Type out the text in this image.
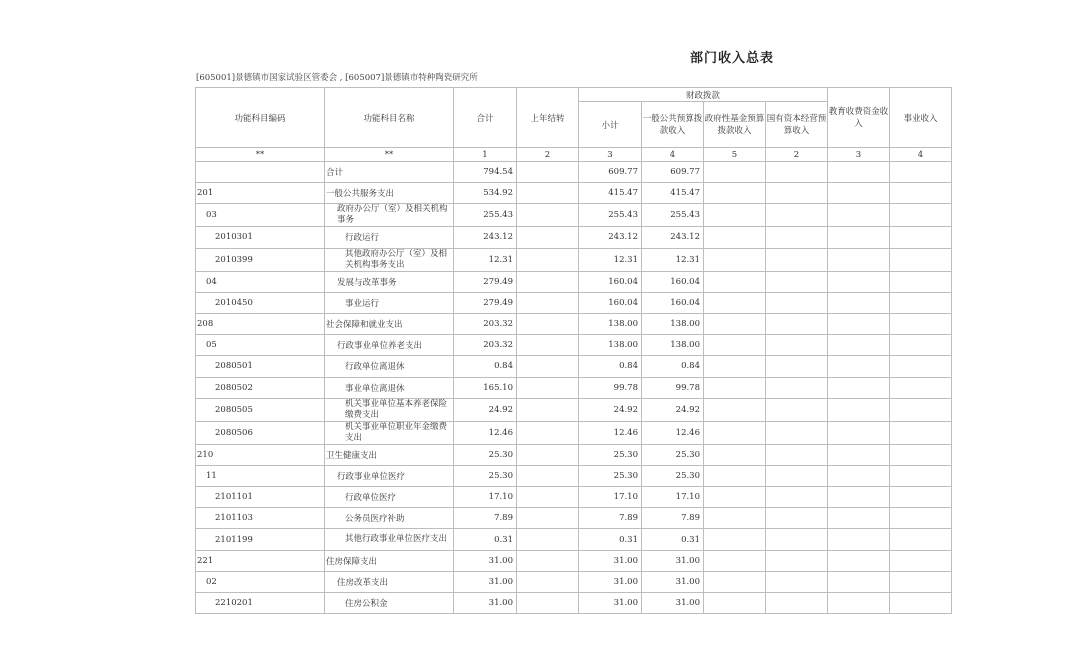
部门收入总表
[605001]景德镇市国家试验区管委会 , [605007]景德镇市特种陶瓷研究所
功能科目编码	功能科目名称	合计	上年结转	财政拨款				教育收费资金收入	事业收入
				小计	一般公共预算拨款收入	政府性基金预算拨款收入	国有资本经营预算收入		
**	**	1	2	3	4	5	2	3	4
	合计	794.54		609.77	609.77				
201	一般公共服务支出	534.92		415.47	415.47				
03	政府办公厅（室）及相关机构事务	255.43		255.43	255.43				
2010301	行政运行	243.12		243.12	243.12				
2010399	其他政府办公厅（室）及相关机构事务支出	12.31		12.31	12.31				
04	发展与改革事务	279.49		160.04	160.04				
2010450	事业运行	279.49		160.04	160.04				
208	社会保障和就业支出	203.32		138.00	138.00				
05	行政事业单位养老支出	203.32		138.00	138.00				
2080501	行政单位离退休	0.84		0.84	0.84				
2080502	事业单位离退休	165.10		99.78	99.78				
2080505	机关事业单位基本养老保险缴费支出	24.92		24.92	24.92				
2080506	机关事业单位职业年金缴费支出	12.46		12.46	12.46				
210	卫生健康支出	25.30		25.30	25.30				
11	行政事业单位医疗	25.30		25.30	25.30				
2101101	行政单位医疗	17.10		17.10	17.10				
2101103	公务员医疗补助	7.89		7.89	7.89				
2101199	其他行政事业单位医疗支出	0.31		0.31	0.31				
221	住房保障支出	31.00		31.00	31.00				
02	住房改革支出	31.00		31.00	31.00				
2210201	住房公积金	31.00		31.00	31.00				
